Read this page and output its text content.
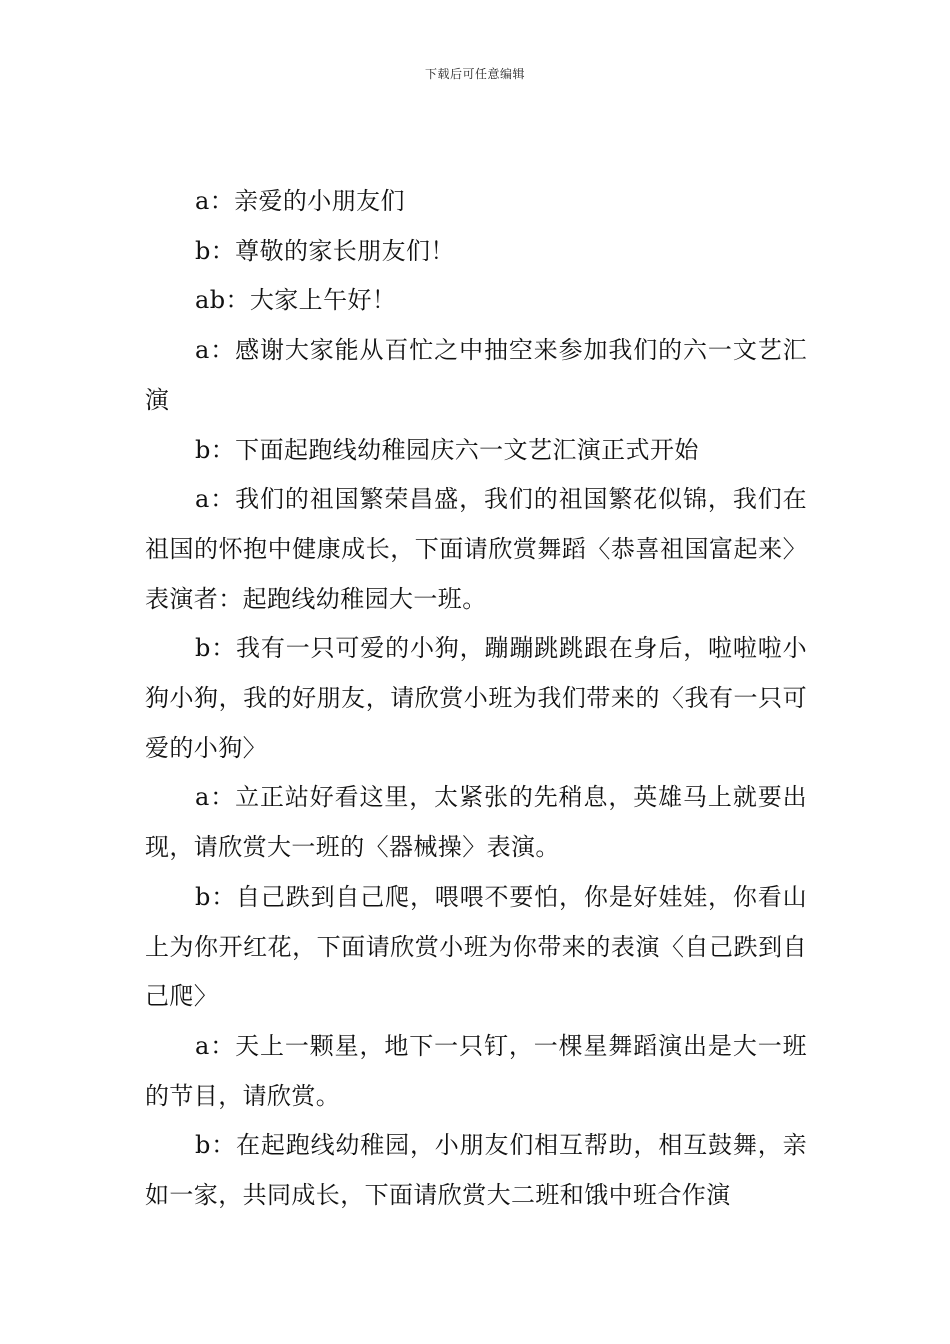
下载后可任意编辑

a：亲爱的小朋友们

b：尊敬的家长朋友们！

ab：大家上午好！

a：感谢大家能从百忙之中抽空来参加我们的六一文艺汇演

b：下面起跑线幼稚园庆六一文艺汇演正式开始

a：我们的祖国繁荣昌盛，我们的祖国繁花似锦，我们在祖国的怀抱中健康成长，下面请欣赏舞蹈〈恭喜祖国富起来〉表演者：起跑线幼稚园大一班。

b：我有一只可爱的小狗，蹦蹦跳跳跟在身后，啦啦啦小狗小狗，我的好朋友，请欣赏小班为我们带来的〈我有一只可爱的小狗〉

a：立正站好看这里，太紧张的先稍息，英雄马上就要出现，请欣赏大一班的〈器械操〉表演。

b：自己跌到自己爬，喂喂不要怕，你是好娃娃，你看山上为你开红花，下面请欣赏小班为你带来的表演〈自己跌到自己爬〉

a：天上一颗星，地下一只钉，一棵星舞蹈演出是大一班的节目，请欣赏。

b：在起跑线幼稚园，小朋友们相互帮助，相互鼓舞，亲如一家，共同成长，下面请欣赏大二班和饿中班合作演
